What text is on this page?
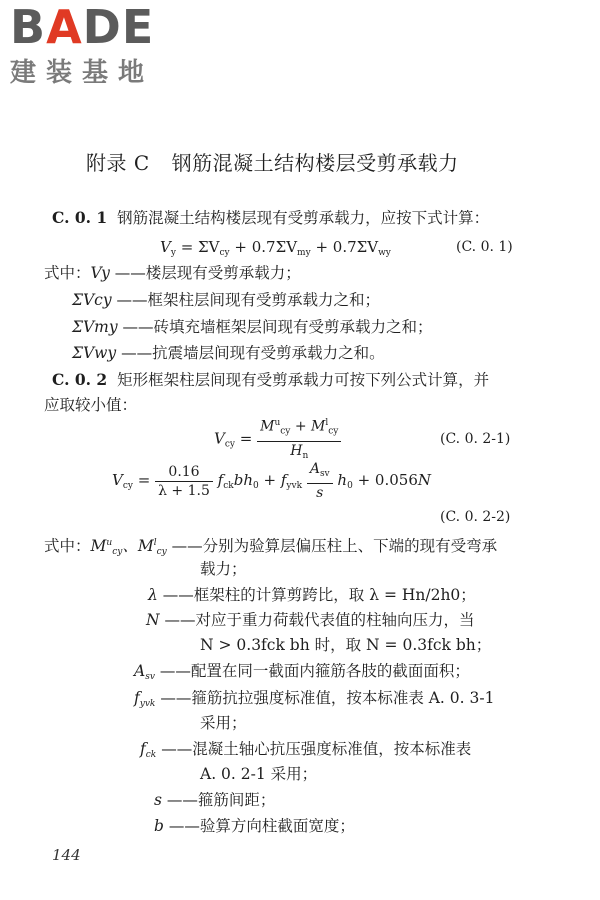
BADE
建装基地
附录 C 钢筋混凝土结构楼层受剪承载力
C. 0. 1 钢筋混凝土结构楼层现有受剪承载力，应按下式计算：
$V_y = \Sigma V_{cy} + 0.7\Sigma V_{my} + 0.7\Sigma V_{wy}$	(C. 0. 1)
式中：Vy ——楼层现有受剪承载力；
ΣVcy ——框架柱层间现有受剪承载力之和；
ΣVmy ——砖填充墙框架层间现有受剪承载力之和；
ΣVwy ——抗震墙层间现有受剪承载力之和。
C. 0. 2 矩形框架柱层间现有受剪承载力可按下列公式计算，并
应取较小值：
$V_{cy} = \frac{M^u_{cy} + M^l_{cy}}{H_n}$	(C. 0. 2-1)
$V_{cy} = \frac{0.16}{\lambda + 1.5} f_{ck}bh_0 + f_{yvk} \frac{A_{sv}}{s} h_0 + 0.056N$
(C. 0. 2-2)
式中：$M^u_{cy}$、$M^l_{cy}$ ——分别为验算层偏压柱上、下端的现有受弯承
载力；
λ ——框架柱的计算剪跨比，取 λ = Hn/2h0；
N ——对应于重力荷载代表值的柱轴向压力，当
N > 0.3fck bh 时，取 N = 0.3fck bh；
$A_{sv}$ ——配置在同一截面内箍筋各肢的截面面积；
$f_{yvk}$ ——箍筋抗拉强度标准值，按本标准表 A. 0. 3-1
采用；
$f_{ck}$ ——混凝土轴心抗压强度标准值，按本标准表
A. 0. 2-1 采用；
s ——箍筋间距；
b ——验算方向柱截面宽度；
144
